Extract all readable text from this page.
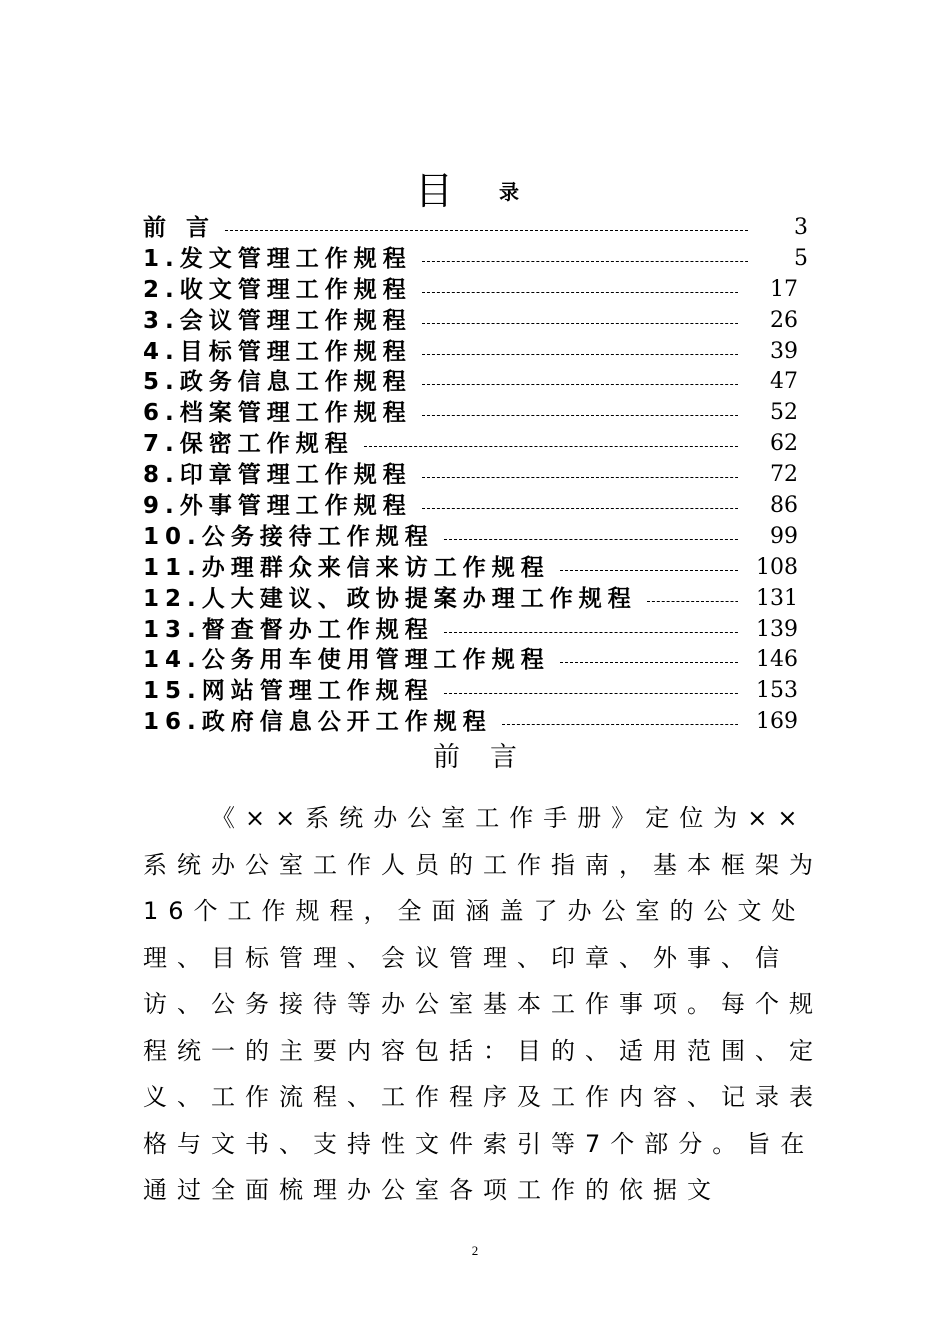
目 录
前 言	3
1.发文管理工作规程	5
2.收文管理工作规程	17
3.会议管理工作规程	26
4.目标管理工作规程	39
5.政务信息工作规程	47
6.档案管理工作规程	52
7.保密工作规程	62
8.印章管理工作规程	72
9.外事管理工作规程	86
10.公务接待工作规程	99
11.办理群众来信来访工作规程	108
12.人大建议、政协提案办理工作规程	131
13.督查督办工作规程	139
14.公务用车使用管理工作规程	146
15.网站管理工作规程	153
16.政府信息公开工作规程	169
前言

《××系统办公室工作手册》定位为××系统办公室工作人员的工作指南，基本框架为16个工作规程，全面涵盖了办公室的公文处理、目标管理、会议管理、印章、外事、信访、公务接待等办公室基本工作事项。每个规程统一的主要内容包括：目的、适用范围、定义、工作流程、工作程序及工作内容、记录表格与文书、支持性文件索引等7个部分。旨在通过全面梳理办公室各项工作的依据文

2
